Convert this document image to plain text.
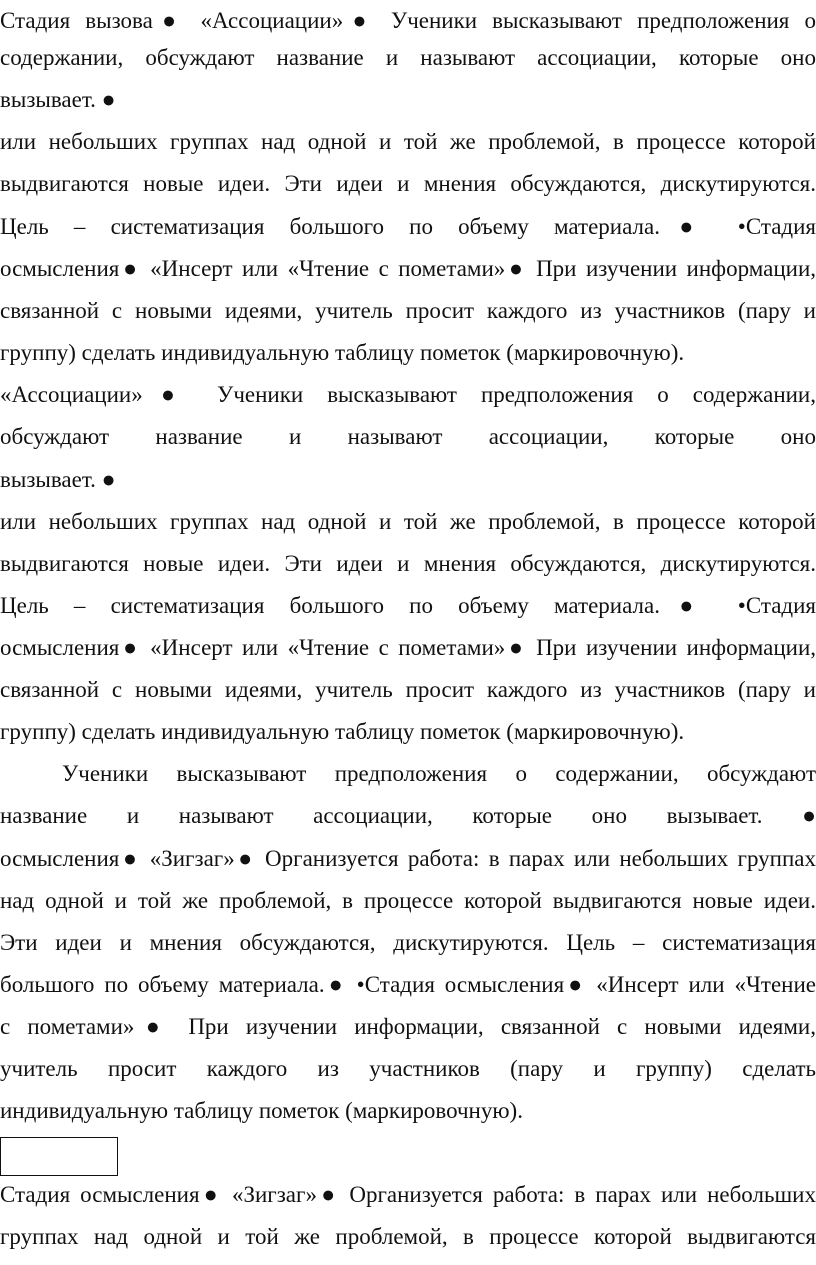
Стадия вызова● «Ассоциации»● Ученики высказывают предположения о
содержании, обсуждают название и называют ассоциации, которые оно
вызывает. ●
или небольших группах над одной и той же проблемой, в процессе которой
выдвигаются новые идеи. Эти идеи и мнения обсуждаются, дискутируются.
Цель – систематизация большого по объему материала.● •Стадия
осмысления● «Инсерт или «Чтение с пометами»● При изучении информации,
связанной с новыми идеями, учитель просит каждого из участников (пару и
группу) сделать индивидуальную таблицу пометок (маркировочную).
«Ассоциации»● Ученики высказывают предположения о содержании,
обсуждают название и называют ассоциации, которые оно
вызывает. ●
или небольших группах над одной и той же проблемой, в процессе которой
выдвигаются новые идеи. Эти идеи и мнения обсуждаются, дискутируются.
Цель – систематизация большого по объему материала.● •Стадия
осмысления● «Инсерт или «Чтение с пометами»● При изучении информации,
связанной с новыми идеями, учитель просит каждого из участников (пару и
группу) сделать индивидуальную таблицу пометок (маркировочную).
Ученики высказывают предположения о содержании, обсуждают
название и называют ассоциации, которые оно вызывает. ●
осмысления● «Зигзаг»● Организуется работа: в парах или небольших группах
над одной и той же проблемой, в процессе которой выдвигаются новые идеи.
Эти идеи и мнения обсуждаются, дискутируются. Цель – систематизация
большого по объему материала.● •Стадия осмысления● «Инсерт или «Чтение
с пометами»● При изучении информации, связанной с новыми идеями,
учитель просит каждого из участников (пару и группу) сделать
индивидуальную таблицу пометок (маркировочную).
Стадия осмысления● «Зигзаг»● Организуется работа: в парах или небольших
группах над одной и той же проблемой, в процессе которой выдвигаются
